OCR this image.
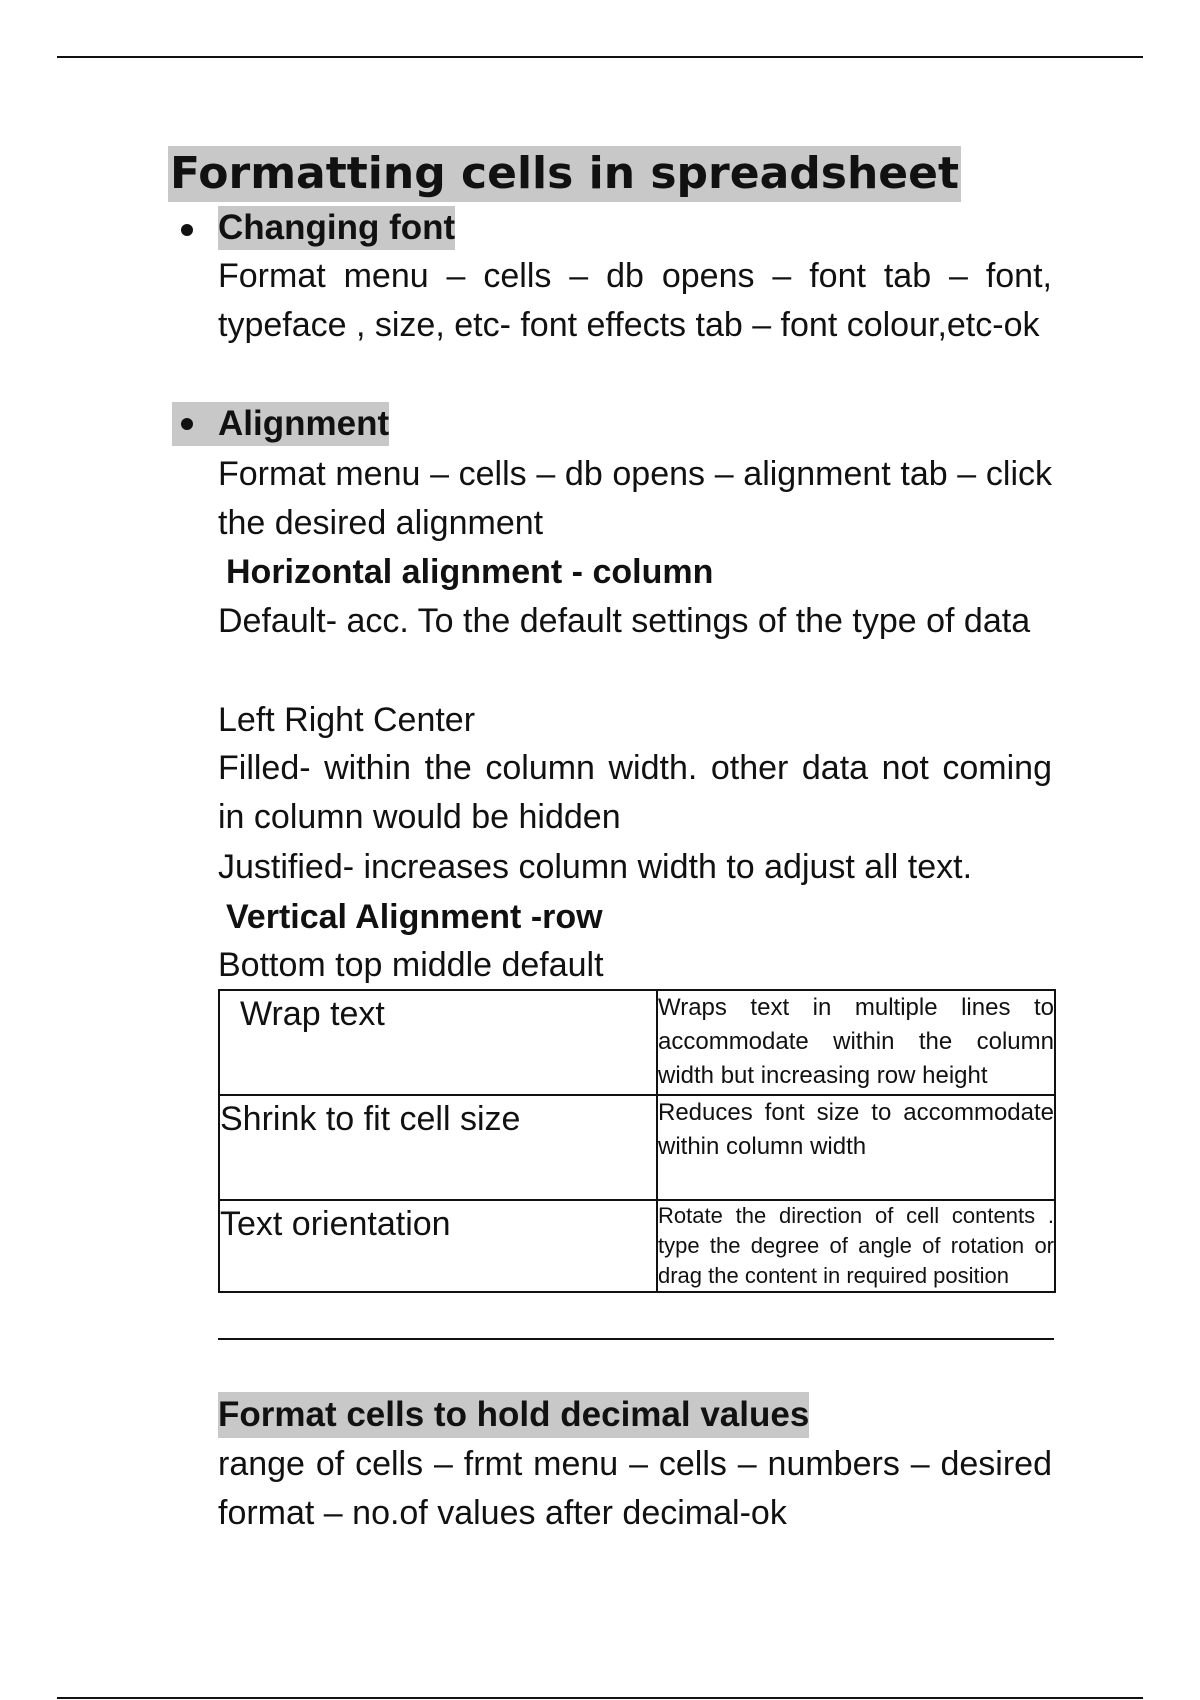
Formatting cells in spreadsheet
Changing font
Format menu – cells – db opens – font tab – font, typeface , size, etc- font effects tab – font colour,etc-ok
Alignment
Format menu – cells – db opens – alignment tab – click the desired alignment
Horizontal alignment - column
Default- acc. To the default settings of the type of data
Left Right Center
Filled- within the column width. other data not coming in column would be hidden
Justified- increases column width to adjust all text.
Vertical Alignment -row
Bottom top middle default
Wrap text	Wraps text in multiple lines to accommodate within the column width but increasing row height
Shrink to fit cell size	Reduces font size to accommodate within column width
Text orientation	Rotate the direction of cell contents . type the degree of angle of rotation or drag the content in required position
Format cells to hold decimal values
range of cells – frmt menu – cells – numbers – desired format – no.of values after decimal-ok
